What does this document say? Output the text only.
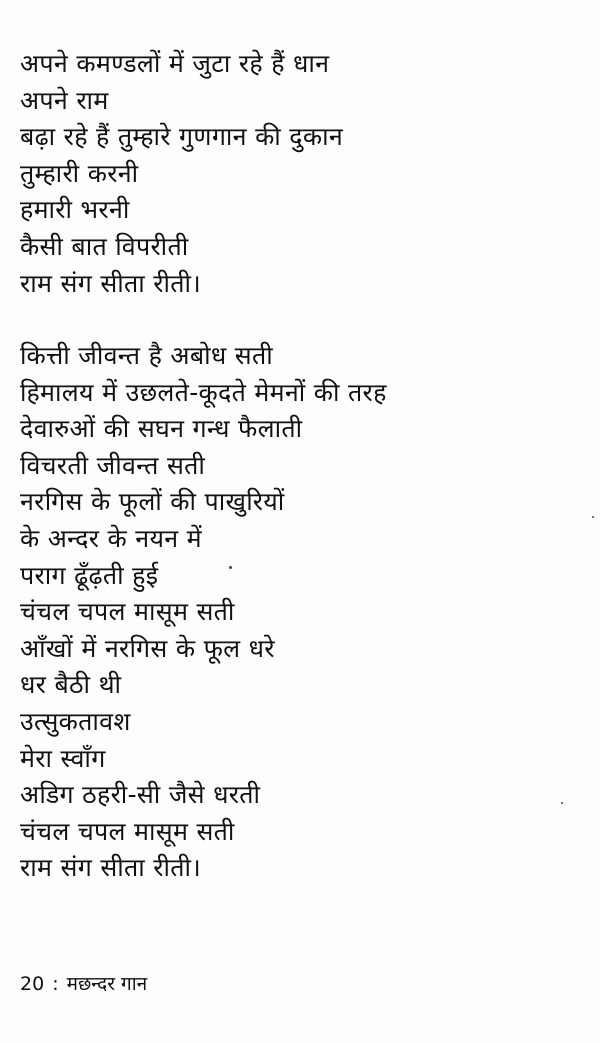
अपने कमण्डलों में जुटा रहे हैं धान
अपने राम
बढ़ा रहे हैं तुम्हारे गुणगान की दुकान
तुम्हारी करनी
हमारी भरनी
कैसी बात विपरीती
राम संग सीता रीती।
कित्ती जीवन्त है अबोध सती
हिमालय में उछलते-कूदते मेमनों की तरह
देवारुओं की सघन गन्ध फैलाती
विचरती जीवन्त सती
नरगिस के फूलों की पाखुरियों
के अन्दर के नयन में
पराग ढूँढ़ती हुई
चंचल चपल मासूम सती
आँखों में नरगिस के फूल धरे
धर बैठी थी
उत्सुकतावश
मेरा स्वाँग
अडिग ठहरी-सी जैसे धरती
चंचल चपल मासूम सती
राम संग सीता रीती।
20 : मछन्दर गान
